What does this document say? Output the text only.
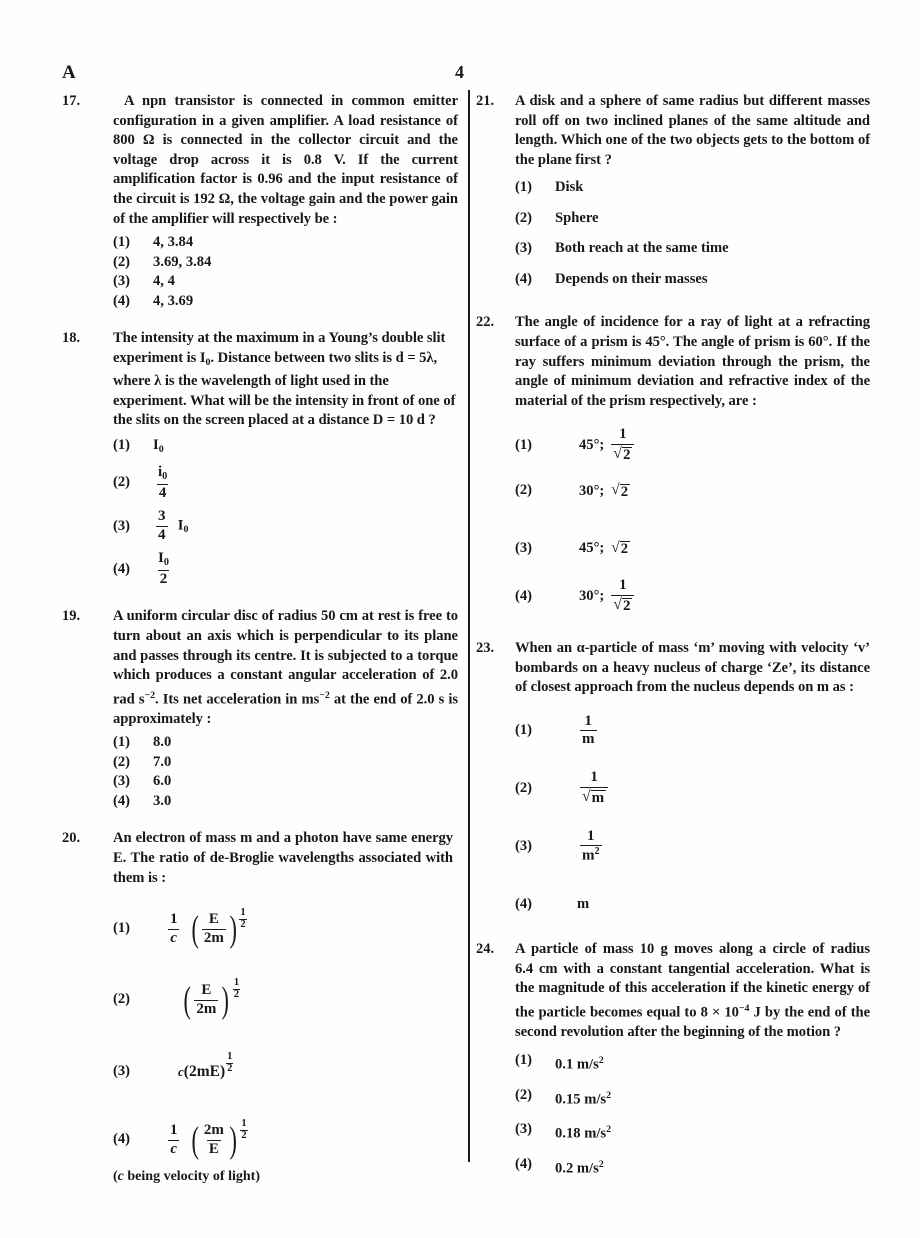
A	4
17.	A npn transistor is connected in common emitter configuration in a given amplifier. A load resistance of 800 Ω is connected in the collector circuit and the voltage drop across it is 0.8 V. If the current amplification factor is 0.96 and the input resistance of the circuit is 192 Ω, the voltage gain and the power gain of the amplifier will respectively be :
(1)	4, 3.84
(2)	3.69, 3.84
(3)	4, 4
(4)	4, 3.69
18. The intensity at the maximum in a Young’s double slit experiment is $I_0$. Distance between two slits is d = 5λ, where λ is the wavelength of light used in the experiment. What will be the intensity in front of one of the slits on the screen placed at a distance D = 10 d ?
(1)	$I_0$
(2)	$\frac{i_0}{4}$
(3)	$\frac{3}{4} I_0$
(4)	$\frac{I_0}{2}$
19. A uniform circular disc of radius 50 cm at rest is free to turn about an axis which is perpendicular to its plane and passes through its centre. It is subjected to a torque which produces a constant angular acceleration of 2.0 rad $s^{-2}$. Its net acceleration in $ms^{-2}$ at the end of 2.0 s is approximately :
(1)	8.0
(2)	7.0
(3)	6.0
(4)	3.0
20. An electron of mass m and a photon have same energy E. The ratio of de-Broglie wavelengths associated with them is :
(1)	$\frac{1}{c}$ ( $\frac{E}{2m}$ ) $\frac{1}{2}$
(2)	( $\frac{E}{2m}$ ) $\frac{1}{2}$
(3)	c $(2mE) \frac{1}{2}$
(4)	$\frac{1}{c}$ ( $\frac{2m}{E}$ ) $\frac{1}{2}$
(c being velocity of light)
21. A disk and a sphere of same radius but different masses roll off on two inclined planes of the same altitude and length. Which one of the two objects gets to the bottom of the plane first ?
(1)	Disk
(2)	Sphere
(3)	Both reach at the same time
(4)	Depends on their masses
22. The angle of incidence for a ray of light at a refracting surface of a prism is 45°. The angle of prism is 60°. If the ray suffers minimum deviation through the prism, the angle of minimum deviation and refractive index of the material of the prism respectively, are :
(1)	45°; $\frac{1}{√ 2}$
(2)	30°; √ 2
(3)	45°; √ 2
(4)	30°; $\frac{1}{√ 2}$
23. When an α-particle of mass ‘m’ moving with velocity ‘v’ bombards on a heavy nucleus of charge ‘Ze’, its distance of closest approach from the nucleus depends on m as :
(1)	$\frac{1}{m}$
(2)	$\frac{1}{√ m}$
(3)	$\frac{1}{m^2}$
(4)	m
24. A particle of mass 10 g moves along a circle of radius 6.4 cm with a constant tangential acceleration. What is the magnitude of this acceleration if the kinetic energy of the particle becomes equal to $8 \times 10^{-4}$ J by the end of the second revolution after the beginning of the motion ?
(1)	0.1 $m/s^2$
(2)	0.15 $m/s^2$
(3)	0.18 $m/s^2$
(4)	0.2 $m/s^2$
